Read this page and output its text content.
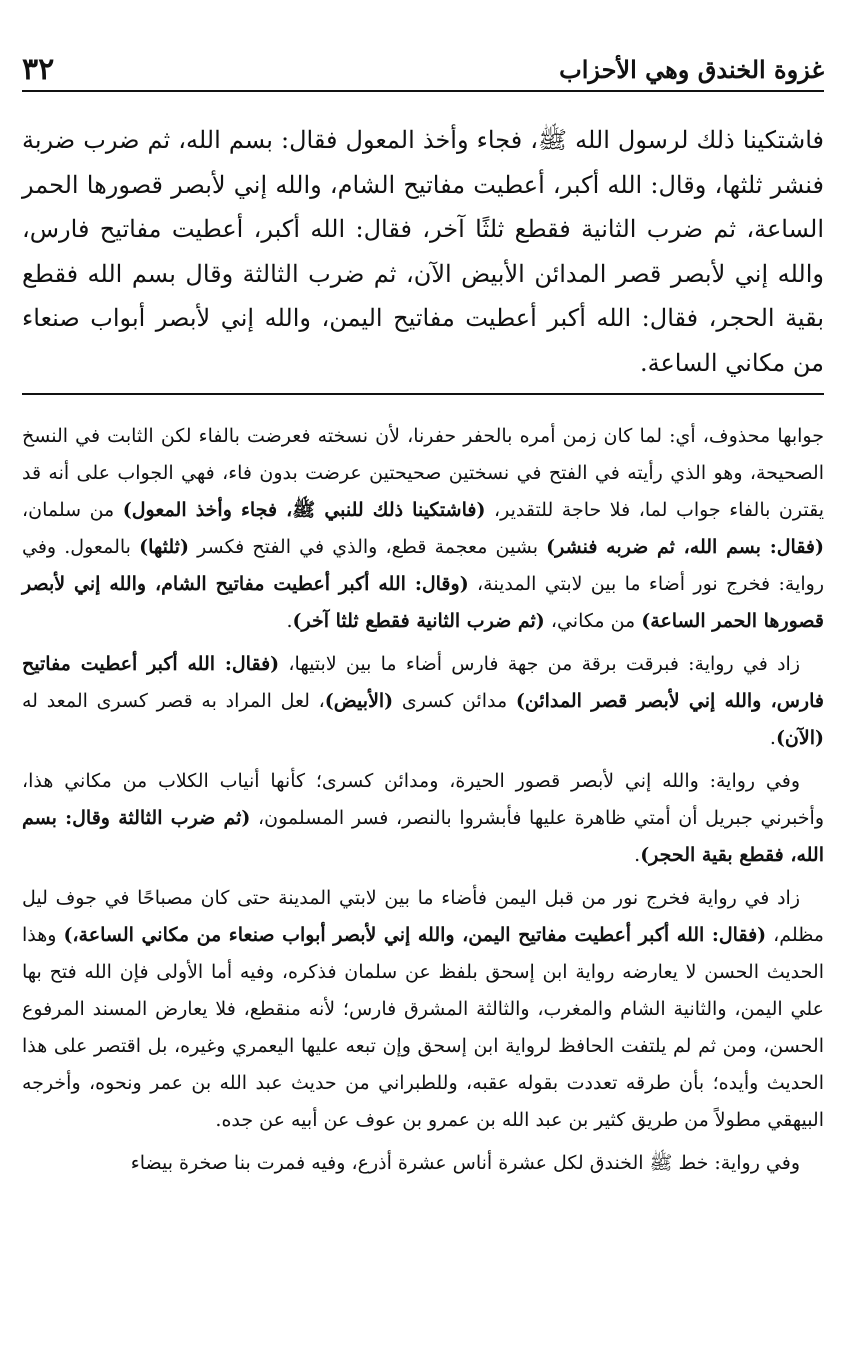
غزوة الخندق وهي الأحزاب
٣٢
فاشتكينا ذلك لرسول الله ﷺ، فجاء وأخذ المعول فقال: بسم الله، ثم ضرب ضربة فنشر ثلثها، وقال: الله أكبر، أعطيت مفاتيح الشام، والله إني لأبصر قصورها الحمر الساعة، ثم ضرب الثانية فقطع ثلثًا آخر، فقال: الله أكبر، أعطيت مفاتيح فارس، والله إني لأبصر قصر المدائن الأبيض الآن، ثم ضرب الثالثة وقال بسم الله فقطع بقية الحجر، فقال: الله أكبر أعطيت مفاتيح اليمن، والله إني لأبصر أبواب صنعاء من مكاني الساعة.

جوابها محذوف، أي: لما كان زمن أمره بالحفر حفرنا، لأن نسخته فعرضت بالفاء لكن الثابت في النسخ الصحيحة، وهو الذي رأيته في الفتح في نسختين صحيحتين عرضت بدون فاء، فهي الجواب على أنه قد يقترن بالفاء جواب لما، فلا حاجة للتقدير، (فاشتكينا ذلك للنبي ﷺ، فجاء وأخذ المعول) من سلمان، (فقال: بسم الله، ثم ضربه فنشر) بشين معجمة قطع، والذي في الفتح فكسر (ثلثها) بالمعول. وفي رواية: فخرج نور أضاء ما بين لابتي المدينة، (وقال: الله أكبر أعطيت مفاتيح الشام، والله إني لأبصر قصورها الحمر الساعة) من مكاني، (ثم ضرب الثانية فقطع ثلثا آخر).

زاد في رواية: فبرقت برقة من جهة فارس أضاء ما بين لابتيها، (فقال: الله أكبر أعطيت مفاتيح فارس، والله إني لأبصر قصر المدائن) مدائن كسرى (الأبيض)، لعل المراد به قصر كسرى المعد له (الآن).

وفي رواية: والله إني لأبصر قصور الحيرة، ومدائن كسرى؛ كأنها أنياب الكلاب من مكاني هذا، وأخبرني جبريل أن أمتي ظاهرة عليها فأبشروا بالنصر، فسر المسلمون، (ثم ضرب الثالثة وقال: بسم الله، فقطع بقية الحجر).

زاد في رواية فخرج نور من قبل اليمن فأضاء ما بين لابتي المدينة حتى كان مصباحًا في جوف ليل مظلم، (فقال: الله أكبر أعطيت مفاتيح اليمن، والله إني لأبصر أبواب صنعاء من مكاني الساعة،) وهذا الحديث الحسن لا يعارضه رواية ابن إسحق بلفظ عن سلمان فذكره، وفيه أما الأولى فإن الله فتح بها علي اليمن، والثانية الشام والمغرب، والثالثة المشرق فارس؛ لأنه منقطع، فلا يعارض المسند المرفوع الحسن، ومن ثم لم يلتفت الحافظ لرواية ابن إسحق وإن تبعه عليها اليعمري وغيره، بل اقتصر على هذا الحديث وأيده؛ بأن طرقه تعددت بقوله عقبه، وللطبراني من حديث عبد الله بن عمر ونحوه، وأخرجه البيهقي مطولاً من طريق كثير بن عبد الله بن عمرو بن عوف عن أبيه عن جده.

وفي رواية: خط ﷺ الخندق لكل عشرة أناس عشرة أذرع، وفيه فمرت بنا صخرة بيضاء
